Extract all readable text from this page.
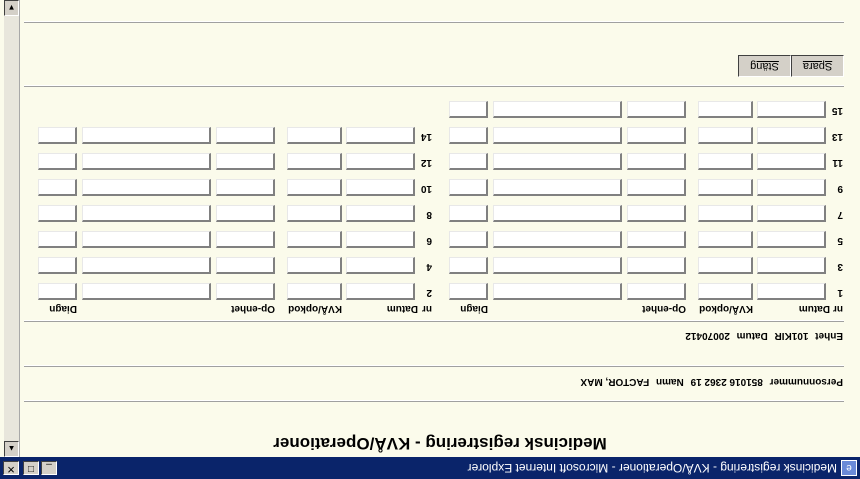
e
Medicinsk registrering - KVÅ/Operationer - Microsoft Internet Explorer
_
□
✕
▲
▼
Medicinsk registrering - KVÅ/Operationer
Personnummer 851016 2362 19 Namn FACTOR, MAX
Enhet 101KIR Datum 20070412
nr
Datum
KVÅ/opkod
Op-enhet
Diagn
nr
Datum
KVÅ/opkod
Op-enhet
Diagn
1
3
5
7
9
11
13
15
2
4
6
8
10
12
14
Spara
Stäng
